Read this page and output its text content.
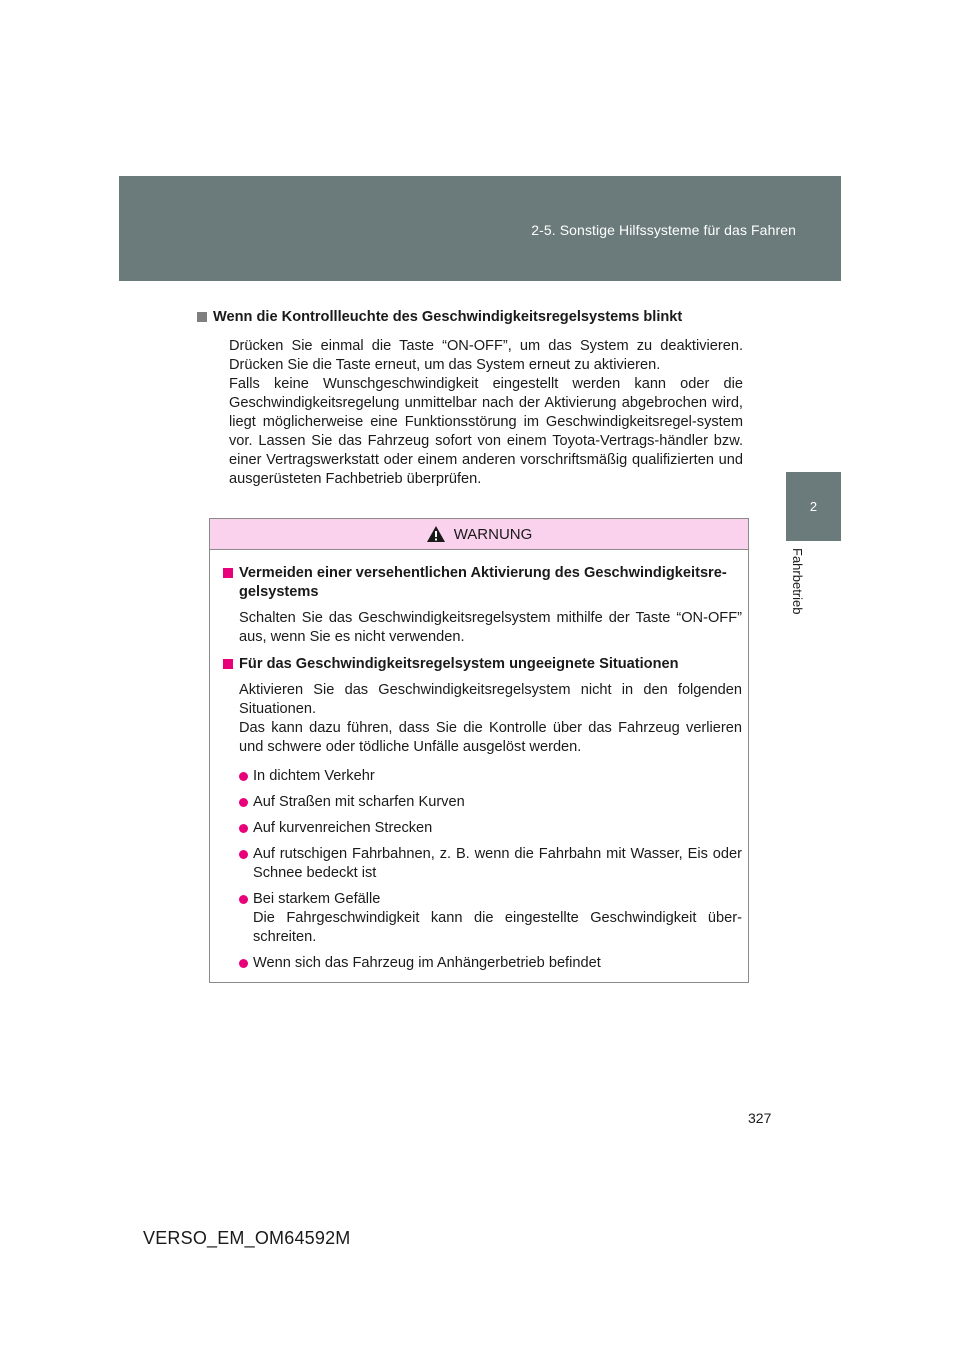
2-5. Sonstige Hilfssysteme für das Fahren
2
Fahrbetrieb
Wenn die Kontrollleuchte des Geschwindigkeitsregelsystems blinkt

Drücken Sie einmal die Taste “ON-OFF”, um das System zu deaktivieren. Drücken Sie die Taste erneut, um das System erneut zu aktivieren.
Falls keine Wunschgeschwindigkeit eingestellt werden kann oder die Geschwindigkeitsregelung unmittelbar nach der Aktivierung abgebrochen wird, liegt möglicherweise eine Funktionsstörung im Geschwindigkeitsregel-system vor. Lassen Sie das Fahrzeug sofort von einem Toyota-Vertrags-händler bzw. einer Vertragswerkstatt oder einem anderen vorschriftsmäßig qualifizierten und ausgerüsteten Fachbetrieb überprüfen.

WARNUNG
Vermeiden einer versehentlichen Aktivierung des Geschwindigkeitsre-gelsystems

Schalten Sie das Geschwindigkeitsregelsystem mithilfe der Taste “ON-OFF” aus, wenn Sie es nicht verwenden.

Für das Geschwindigkeitsregelsystem ungeeignete Situationen

Aktivieren Sie das Geschwindigkeitsregelsystem nicht in den folgenden Situationen.
Das kann dazu führen, dass Sie die Kontrolle über das Fahrzeug verlieren und schwere oder tödliche Unfälle ausgelöst werden.

In dichtem Verkehr
Auf Straßen mit scharfen Kurven
Auf kurvenreichen Strecken
Auf rutschigen Fahrbahnen, z. B. wenn die Fahrbahn mit Wasser, Eis oder Schnee bedeckt ist
Bei starkem Gefälle
Die Fahrgeschwindigkeit kann die eingestellte Geschwindigkeit über-schreiten.
Wenn sich das Fahrzeug im Anhängerbetrieb befindet
327
VERSO_EM_OM64592M
